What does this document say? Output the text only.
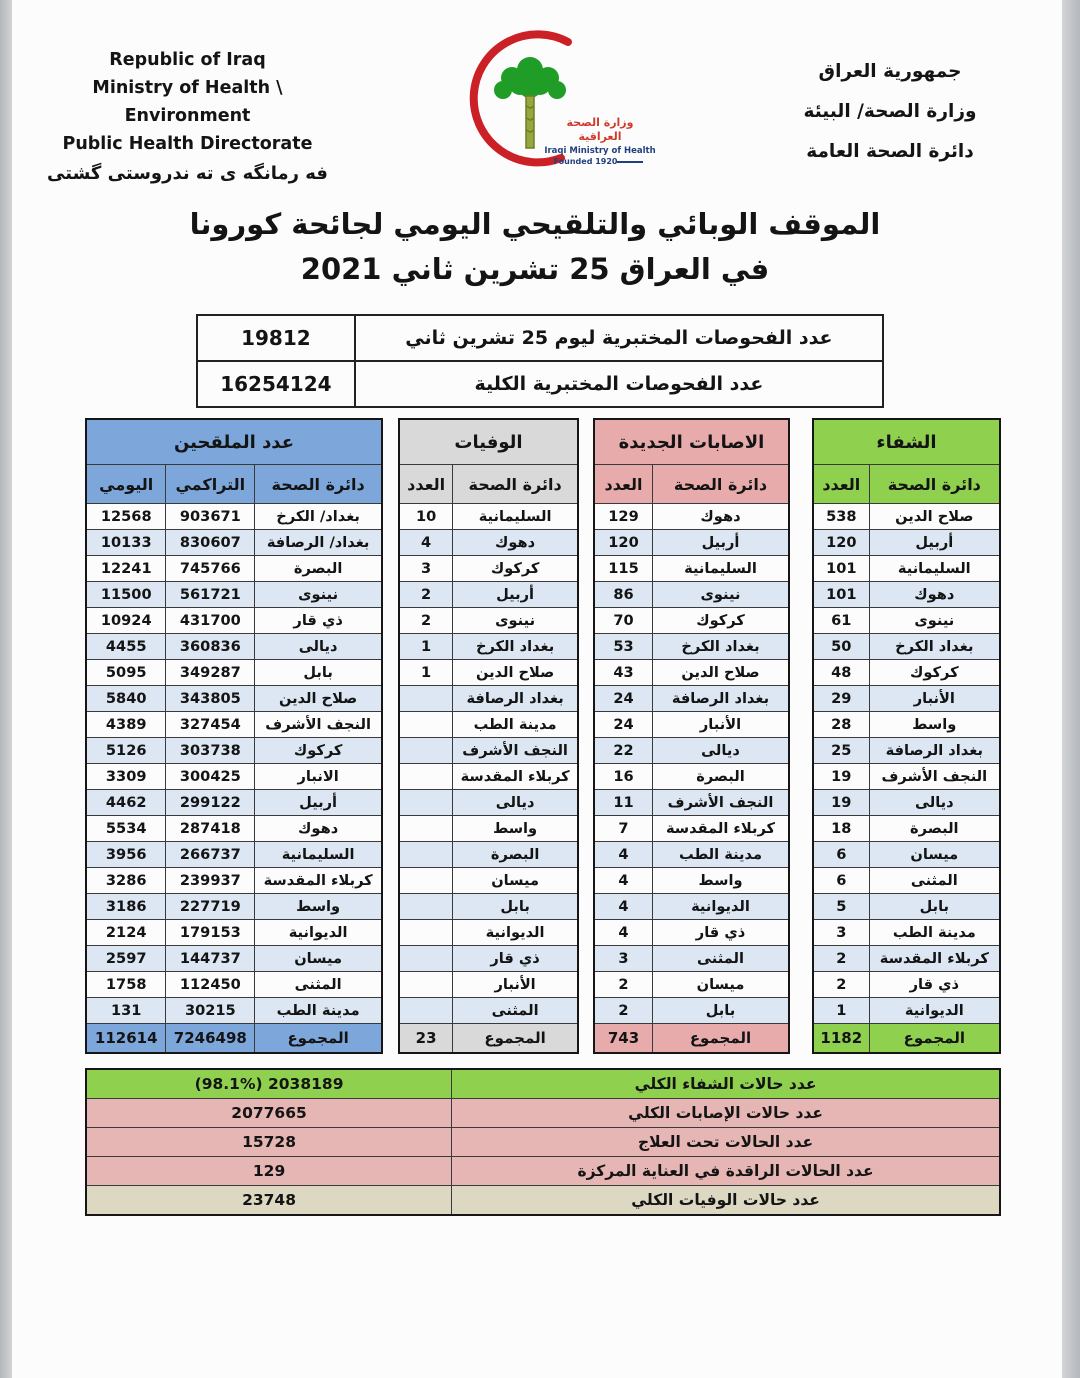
Republic of Iraq
Ministry of Health \ Environment
Public Health Directorate
فه رمانگه ی ته ندروستی گشتی
وزارة الصحة العراقية
Iraqi Ministry of Health
Founded 1920
جمهورية العراق
وزارة الصحة/ البيئة
دائرة الصحة العامة
الموقف الوبائي والتلقيحي اليومي لجائحة كورونا
في العراق 25 تشرين ثاني 2021
عدد الفحوصات المختبرية ليوم 25 تشرين ثاني	19812
عدد الفحوصات المختبرية الكلية	16254124
عدد الملقحين		
دائرة الصحة	التراكمي	اليومي
بغداد/ الكرخ	903671	12568
بغداد/ الرصافة	830607	10133
البصرة	745766	12241
نينوى	561721	11500
ذي قار	431700	10924
ديالى	360836	4455
بابل	349287	5095
صلاح الدين	343805	5840
النجف الأشرف	327454	4389
كركوك	303738	5126
الانبار	300425	3309
أربيل	299122	4462
دهوك	287418	5534
السليمانية	266737	3956
كربلاء المقدسة	239937	3286
واسط	227719	3186
الديوانية	179153	2124
ميسان	144737	2597
المثنى	112450	1758
مدينة الطب	30215	131
المجموع	7246498	112614
الوفيات	
دائرة الصحة	العدد
السليمانية	10
دهوك	4
كركوك	3
أربيل	2
نينوى	2
بغداد الكرخ	1
صلاح الدين	1
بغداد الرصافة	
مدينة الطب	
النجف الأشرف	
كربلاء المقدسة	
ديالى	
واسط	
البصرة	
ميسان	
بابل	
الديوانية	
ذي قار	
الأنبار	
المثنى	
المجموع	23
الاصابات الجديدة	
دائرة الصحة	العدد
دهوك	129
أربيل	120
السليمانية	115
نينوى	86
كركوك	70
بغداد الكرخ	53
صلاح الدين	43
بغداد الرصافة	24
الأنبار	24
ديالى	22
البصرة	16
النجف الأشرف	11
كربلاء المقدسة	7
مدينة الطب	4
واسط	4
الديوانية	4
ذي قار	4
المثنى	3
ميسان	2
بابل	2
المجموع	743
الشفاء	
دائرة الصحة	العدد
صلاح الدين	538
أربيل	120
السليمانية	101
دهوك	101
نينوى	61
بغداد الكرخ	50
كركوك	48
الأنبار	29
واسط	28
بغداد الرصافة	25
النجف الأشرف	19
ديالى	19
البصرة	18
ميسان	6
المثنى	6
بابل	5
مدينة الطب	3
كربلاء المقدسة	2
ذي قار	2
الديوانية	1
المجموع	1182
عدد حالات الشفاء الكلي	2038189 (98.1%)
عدد حالات الإصابات الكلي	2077665
عدد الحالات تحت العلاج	15728
عدد الحالات الراقدة في العناية المركزة	129
عدد حالات الوفيات الكلي	23748
